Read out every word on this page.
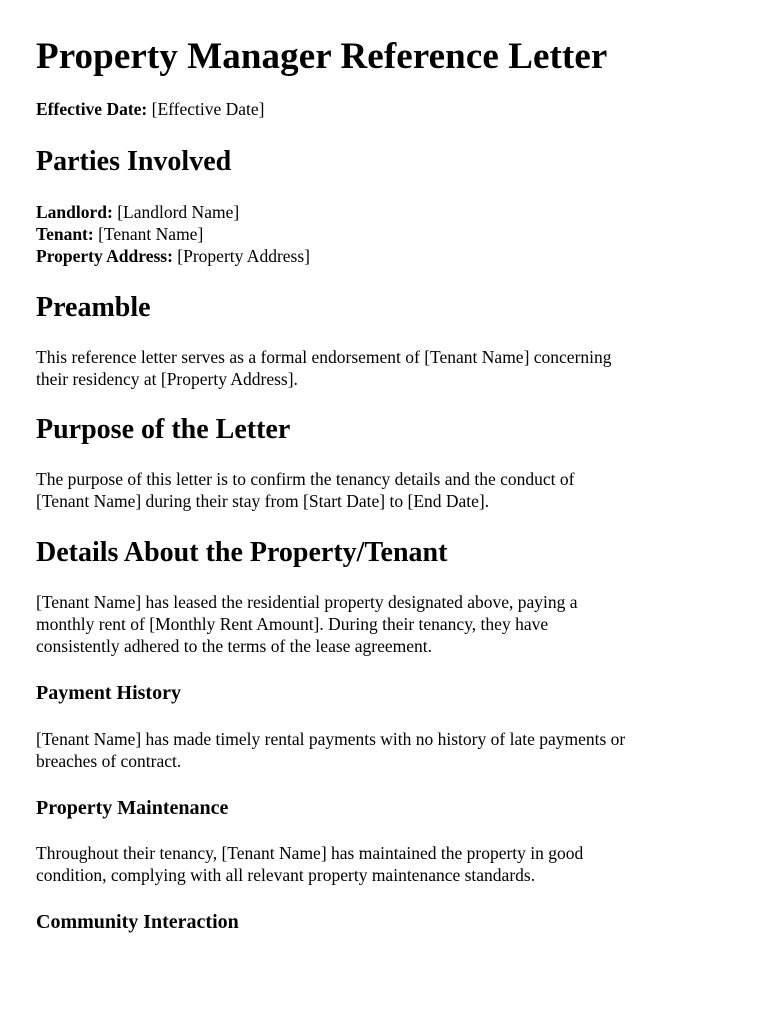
Property Manager Reference Letter
Effective Date: [Effective Date]
Parties Involved
Landlord: [Landlord Name]
Tenant: [Tenant Name]
Property Address: [Property Address]
Preamble
This reference letter serves as a formal endorsement of [Tenant Name] concerning
their residency at [Property Address].
Purpose of the Letter
The purpose of this letter is to confirm the tenancy details and the conduct of
[Tenant Name] during their stay from [Start Date] to [End Date].
Details About the Property/Tenant
[Tenant Name] has leased the residential property designated above, paying a
monthly rent of [Monthly Rent Amount]. During their tenancy, they have
consistently adhered to the terms of the lease agreement.
Payment History
[Tenant Name] has made timely rental payments with no history of late payments or
breaches of contract.
Property Maintenance
Throughout their tenancy, [Tenant Name] has maintained the property in good
condition, complying with all relevant property maintenance standards.
Community Interaction
